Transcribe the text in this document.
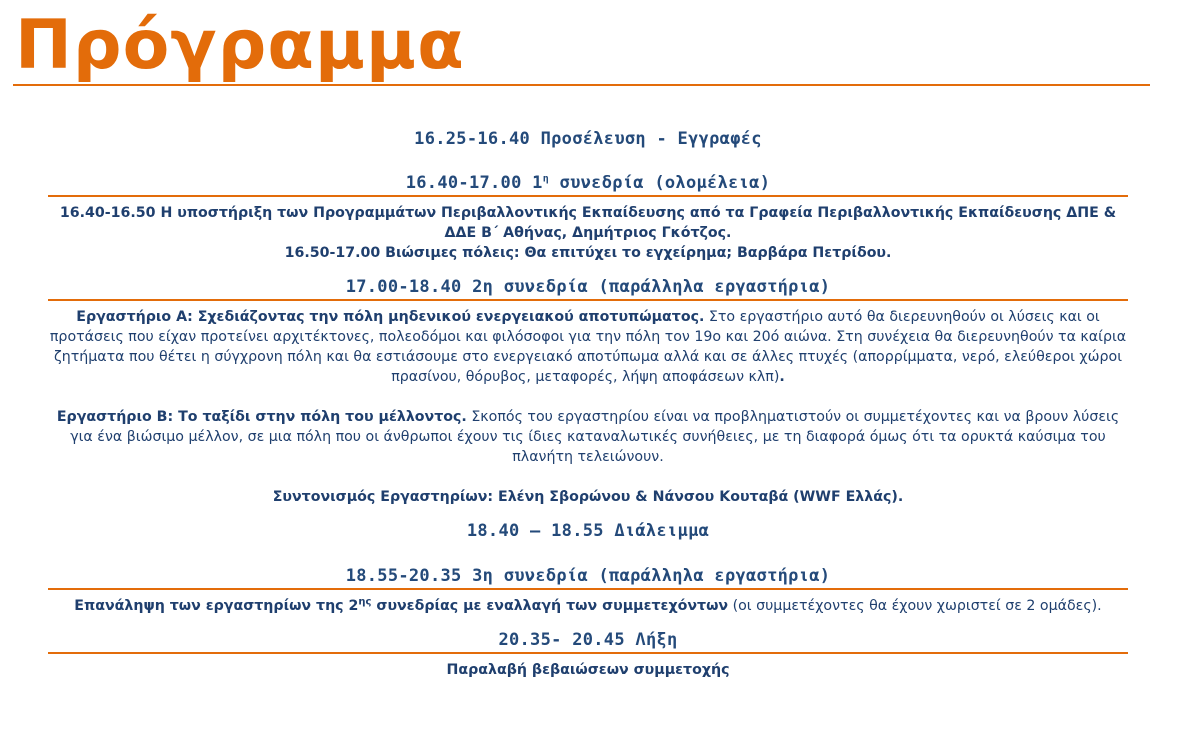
Πρόγραμμα
16.25-16.40 Προσέλευση - Εγγραφές
16.40-17.00 $1^\eta$ συνεδρία (ολομέλεια)
16.40-16.50 Η υποστήριξη των Προγραμμάτων Περιβαλλοντικής Εκπαίδευσης από τα Γραφεία Περιβαλλοντικής Εκπαίδευσης ΔΠΕ & ΔΔΕ Β΄ Αθήνας, Δημήτριος Γκότζος.
16.50-17.00 Βιώσιμες πόλεις: Θα επιτύχει το εγχείρημα; Βαρβάρα Πετρίδου.
17.00-18.40 2η συνεδρία (παράλληλα εργαστήρια)
Εργαστήριο Α: Σχεδιάζοντας την πόλη μηδενικού ενεργειακού αποτυπώματος. Στο εργαστήριο αυτό θα διερευνηθούν οι λύσεις και οι προτάσεις που είχαν προτείνει αρχιτέκτονες, πολεοδόμοι και φιλόσοφοι για την πόλη τον 19ο και 20ό αιώνα. Στη συνέχεια θα διερευνηθούν τα καίρια ζητήματα που θέτει η σύγχρονη πόλη και θα εστιάσουμε στο ενεργειακό αποτύπωμα αλλά και σε άλλες πτυχές (απορρίμματα, νερό, ελεύθεροι χώροι πρασίνου, θόρυβος, μεταφορές, λήψη αποφάσεων κλπ).
Εργαστήριο Β: Το ταξίδι στην πόλη του μέλλοντος. Σκοπός του εργαστηρίου είναι να προβληματιστούν οι συμμετέχοντες και να βρουν λύσεις για ένα βιώσιμο μέλλον, σε μια πόλη που οι άνθρωποι έχουν τις ίδιες καταναλωτικές συνήθειες, με τη διαφορά όμως ότι τα ορυκτά καύσιμα του πλανήτη τελειώνουν.
Συντονισμός Εργαστηρίων: Ελένη Σβορώνου & Νάνσου Κουταβά (WWF Ελλάς).
18.40 – 18.55 Διάλειμμα
18.55-20.35 3η συνεδρία (παράλληλα εργαστήρια)
Επανάληψη των εργαστηρίων της $2^{\eta\varsigma}$ συνεδρίας με εναλλαγή των συμμετεχόντων (οι συμμετέχοντες θα έχουν χωριστεί σε 2 ομάδες).
20.35- 20.45 Λήξη
Παραλαβή βεβαιώσεων συμμετοχής
